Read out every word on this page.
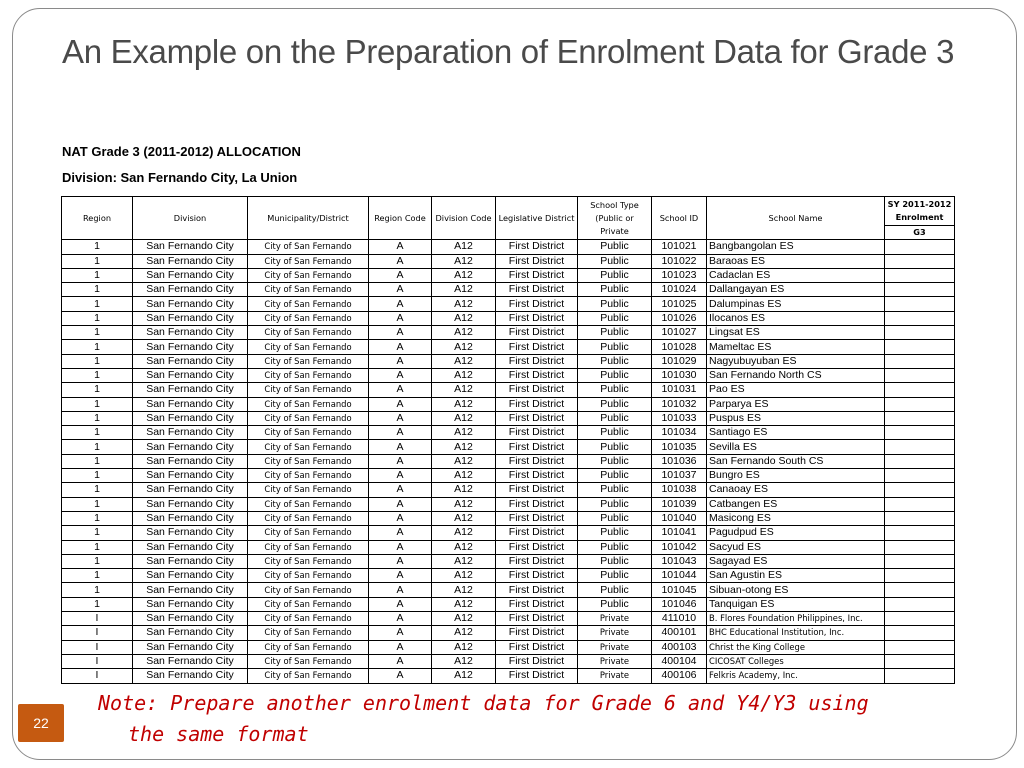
An Example on the Preparation of Enrolment Data for Grade 3
NAT Grade 3 (2011-2012) ALLOCATION
Division: San Fernando City, La Union
Region	Division	Municipality/District	Region Code	Division Code	Legislative District	School Type (Public or Private	School ID	School Name	SY 2011-2012 Enrolment
									G3
1	San Fernando City	City of San Fernando	A	A12	First District	Public	101021	Bangbangolan ES	
1	San Fernando City	City of San Fernando	A	A12	First District	Public	101022	Baraoas ES	
1	San Fernando City	City of San Fernando	A	A12	First District	Public	101023	Cadaclan ES	
1	San Fernando City	City of San Fernando	A	A12	First District	Public	101024	Dallangayan ES	
1	San Fernando City	City of San Fernando	A	A12	First District	Public	101025	Dalumpinas ES	
1	San Fernando City	City of San Fernando	A	A12	First District	Public	101026	Ilocanos ES	
1	San Fernando City	City of San Fernando	A	A12	First District	Public	101027	Lingsat ES	
1	San Fernando City	City of San Fernando	A	A12	First District	Public	101028	Mameltac ES	
1	San Fernando City	City of San Fernando	A	A12	First District	Public	101029	Nagyubuyuban ES	
1	San Fernando City	City of San Fernando	A	A12	First District	Public	101030	San Fernando North CS	
1	San Fernando City	City of San Fernando	A	A12	First District	Public	101031	Pao ES	
1	San Fernando City	City of San Fernando	A	A12	First District	Public	101032	Parparya ES	
1	San Fernando City	City of San Fernando	A	A12	First District	Public	101033	Puspus ES	
1	San Fernando City	City of San Fernando	A	A12	First District	Public	101034	Santiago ES	
1	San Fernando City	City of San Fernando	A	A12	First District	Public	101035	Sevilla ES	
1	San Fernando City	City of San Fernando	A	A12	First District	Public	101036	San Fernando South CS	
1	San Fernando City	City of San Fernando	A	A12	First District	Public	101037	Bungro ES	
1	San Fernando City	City of San Fernando	A	A12	First District	Public	101038	Canaoay ES	
1	San Fernando City	City of San Fernando	A	A12	First District	Public	101039	Catbangen ES	
1	San Fernando City	City of San Fernando	A	A12	First District	Public	101040	Masicong ES	
1	San Fernando City	City of San Fernando	A	A12	First District	Public	101041	Pagudpud ES	
1	San Fernando City	City of San Fernando	A	A12	First District	Public	101042	Sacyud ES	
1	San Fernando City	City of San Fernando	A	A12	First District	Public	101043	Sagayad ES	
1	San Fernando City	City of San Fernando	A	A12	First District	Public	101044	San Agustin ES	
1	San Fernando City	City of San Fernando	A	A12	First District	Public	101045	Sibuan-otong ES	
1	San Fernando City	City of San Fernando	A	A12	First District	Public	101046	Tanquigan ES	
I	San Fernando City	City of San Fernando	A	A12	First District	Private	411010	B. Flores Foundation Philippines, Inc.	
I	San Fernando City	City of San Fernando	A	A12	First District	Private	400101	BHC Educational Institution, Inc.	
I	San Fernando City	City of San Fernando	A	A12	First District	Private	400103	Christ the King College	
I	San Fernando City	City of San Fernando	A	A12	First District	Private	400104	CICOSAT Colleges	
I	San Fernando City	City of San Fernando	A	A12	First District	Private	400106	Felkris Academy, Inc.	
Note: Prepare another enrolment data for Grade 6 and Y4/Y3 using
the same format
22
